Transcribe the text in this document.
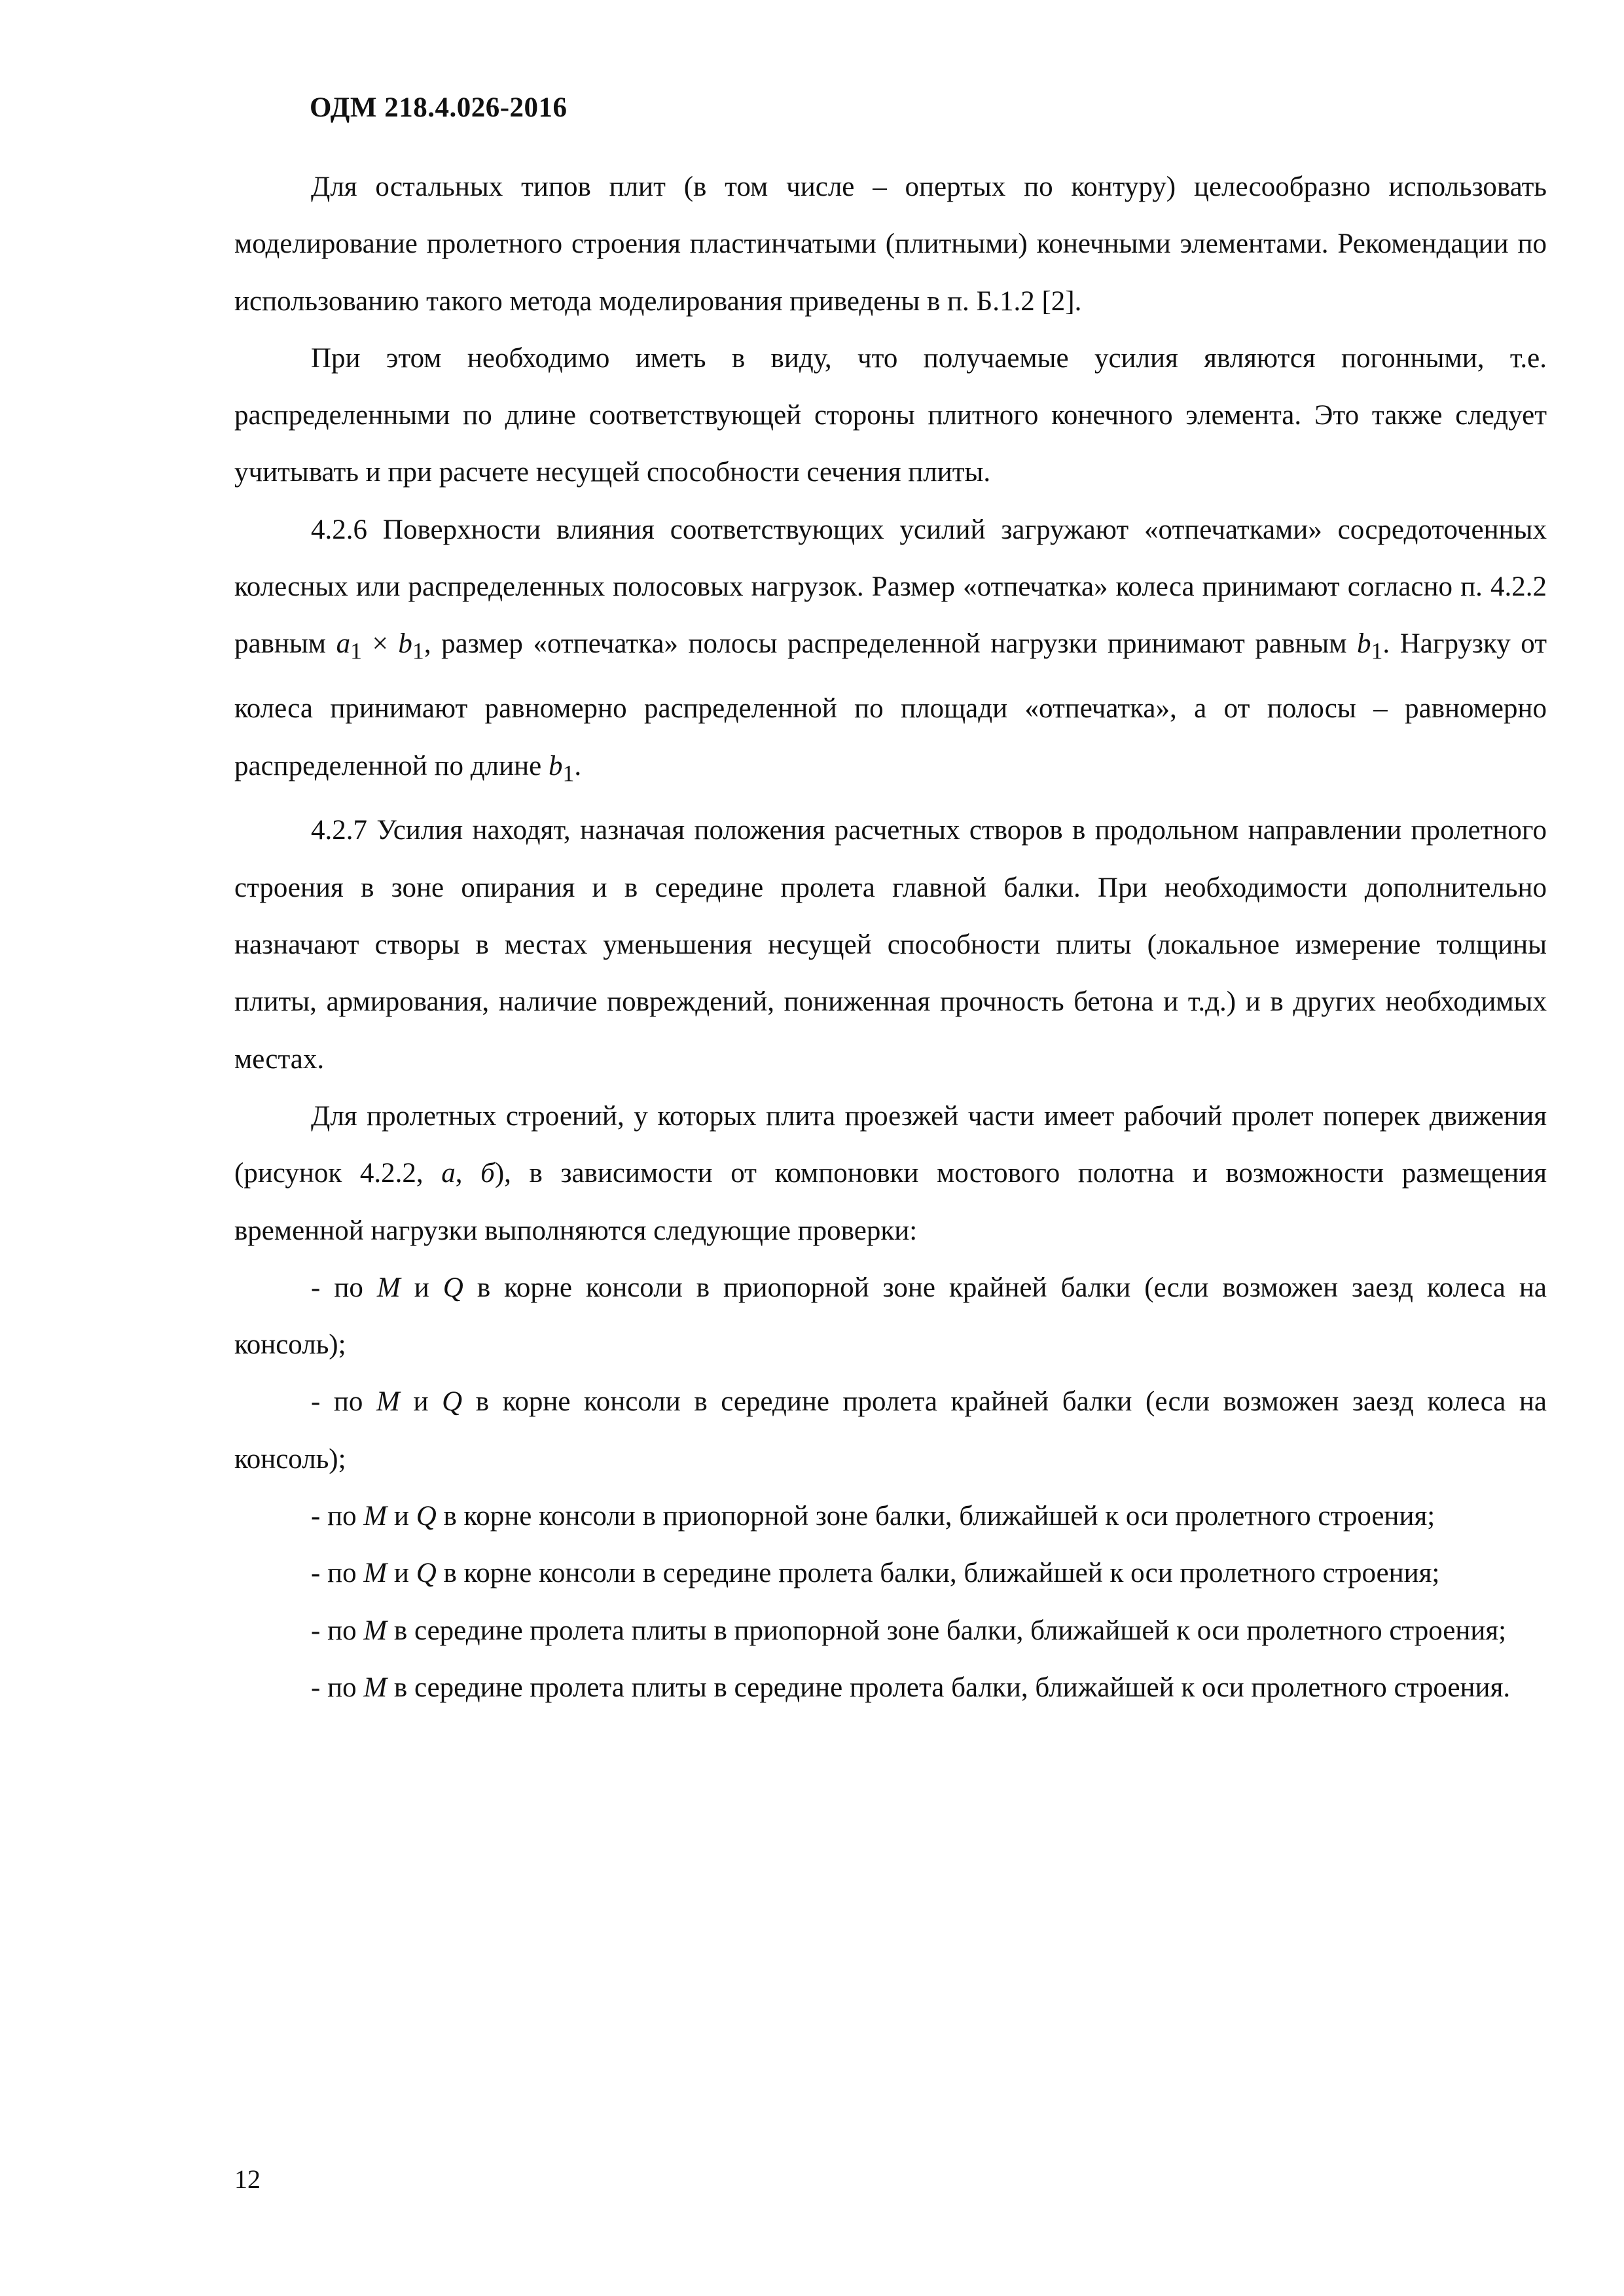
ОДМ 218.4.026-2016

Для остальных типов плит (в том числе – опертых по контуру) целесообразно использовать моделирование пролетного строения пластинчатыми (плитными) конечными элементами. Рекомендации по использованию такого метода моделирования приведены в п. Б.1.2 [2].

При этом необходимо иметь в виду, что получаемые усилия являются погонными, т.е. распределенными по длине соответствующей стороны плитного конечного элемента. Это также следует учитывать и при расчете несущей способности сечения плиты.

4.2.6 Поверхности влияния соответствующих усилий загружают «отпечатками» сосредоточенных колесных или распределенных полосовых нагрузок. Размер «отпечатка» колеса принимают согласно п. 4.2.2 равным $a_1 \times b_1$, размер «отпечатка» полосы распределенной нагрузки принимают равным $b_1$. Нагрузку от колеса принимают равномерно распределенной по площади «отпечатка», а от полосы – равномерно распределенной по длине $b_1$.

4.2.7 Усилия находят, назначая положения расчетных створов в продольном направлении пролетного строения в зоне опирания и в середине пролета главной балки. При необходимости дополнительно назначают створы в местах уменьшения несущей способности плиты (локальное измерение толщины плиты, армирования, наличие повреждений, пониженная прочность бетона и т.д.) и в других необходимых местах.

Для пролетных строений, у которых плита проезжей части имеет рабочий пролет поперек движения (рисунок 4.2.2, а, б), в зависимости от компоновки мостового полотна и возможности размещения временной нагрузки выполняются следующие проверки:

- по M и Q в корне консоли в приопорной зоне крайней балки (если возможен заезд колеса на консоль);

- по M и Q в корне консоли в середине пролета крайней балки (если возможен заезд колеса на консоль);

- по M и Q в корне консоли в приопорной зоне балки, ближайшей к оси пролетного строения;

- по M и Q в корне консоли в середине пролета балки, ближайшей к оси пролетного строения;

- по M в середине пролета плиты в приопорной зоне балки, ближайшей к оси пролетного строения;

- по M в середине пролета плиты в середине пролета балки, ближайшей к оси пролетного строения.

12
